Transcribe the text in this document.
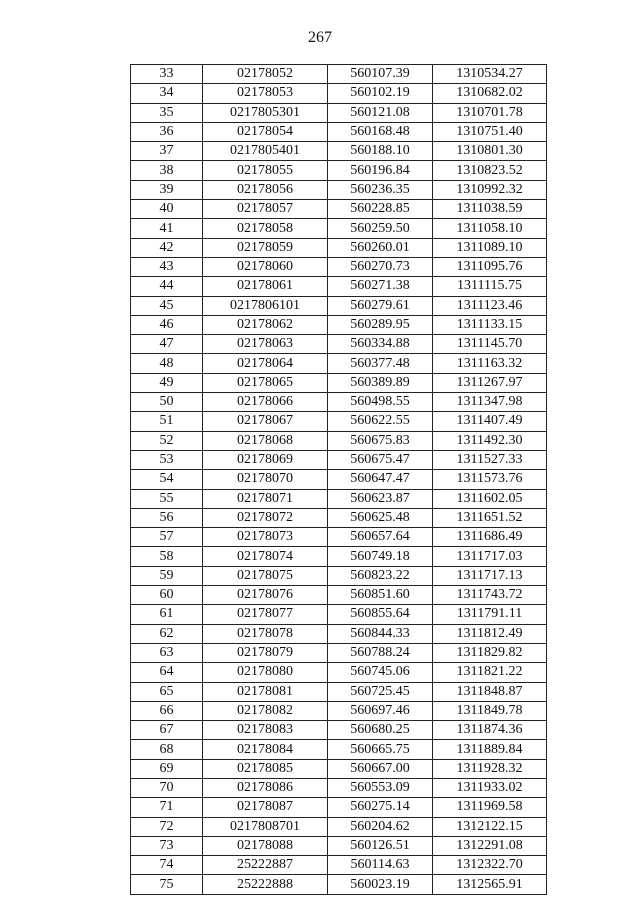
267
33	02178052	560107.39	1310534.27
34	02178053	560102.19	1310682.02
35	0217805301	560121.08	1310701.78
36	02178054	560168.48	1310751.40
37	0217805401	560188.10	1310801.30
38	02178055	560196.84	1310823.52
39	02178056	560236.35	1310992.32
40	02178057	560228.85	1311038.59
41	02178058	560259.50	1311058.10
42	02178059	560260.01	1311089.10
43	02178060	560270.73	1311095.76
44	02178061	560271.38	1311115.75
45	0217806101	560279.61	1311123.46
46	02178062	560289.95	1311133.15
47	02178063	560334.88	1311145.70
48	02178064	560377.48	1311163.32
49	02178065	560389.89	1311267.97
50	02178066	560498.55	1311347.98
51	02178067	560622.55	1311407.49
52	02178068	560675.83	1311492.30
53	02178069	560675.47	1311527.33
54	02178070	560647.47	1311573.76
55	02178071	560623.87	1311602.05
56	02178072	560625.48	1311651.52
57	02178073	560657.64	1311686.49
58	02178074	560749.18	1311717.03
59	02178075	560823.22	1311717.13
60	02178076	560851.60	1311743.72
61	02178077	560855.64	1311791.11
62	02178078	560844.33	1311812.49
63	02178079	560788.24	1311829.82
64	02178080	560745.06	1311821.22
65	02178081	560725.45	1311848.87
66	02178082	560697.46	1311849.78
67	02178083	560680.25	1311874.36
68	02178084	560665.75	1311889.84
69	02178085	560667.00	1311928.32
70	02178086	560553.09	1311933.02
71	02178087	560275.14	1311969.58
72	0217808701	560204.62	1312122.15
73	02178088	560126.51	1312291.08
74	25222887	560114.63	1312322.70
75	25222888	560023.19	1312565.91
